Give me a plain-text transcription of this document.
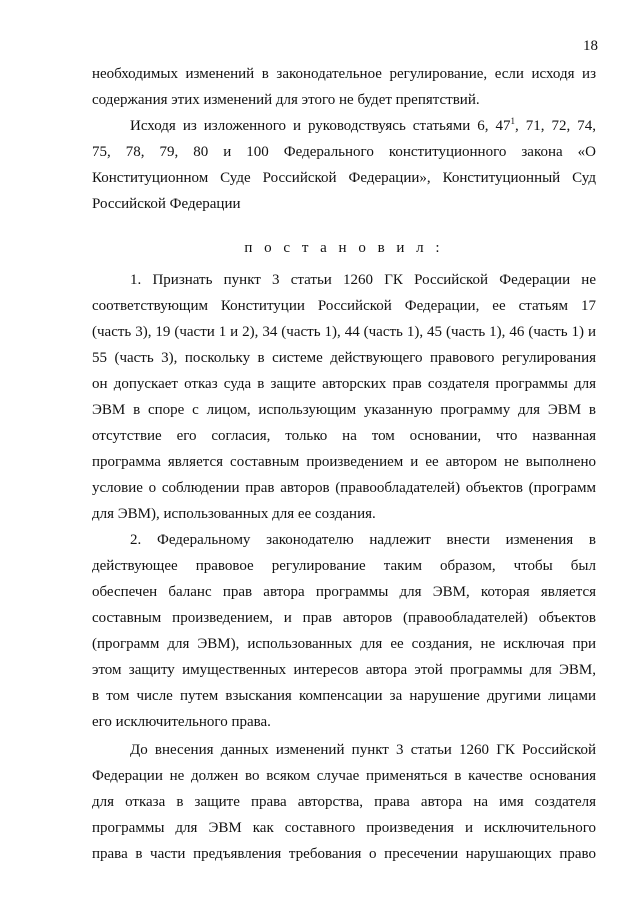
18
необходимых изменений в законодательное регулирование, если исходя из
содержания этих изменений для этого не будет препятствий.
Исходя из изложенного и руководствуясь статьями 6, $47^1$, 71, 72, 74,
75, 78, 79, 80 и 100 Федерального конституционного закона «О
Конституционном Суде Российской Федерации», Конституционный Суд
Российской Федерации
п о с т а н о в и л :
1. Признать пункт 3 статьи 1260 ГК Российской Федерации не
соответствующим Конституции Российской Федерации, ее статьям 17
(часть 3), 19 (части 1 и 2), 34 (часть 1), 44 (часть 1), 45 (часть 1), 46 (часть 1) и
55 (часть 3), поскольку в системе действующего правового регулирования
он допускает отказ суда в защите авторских прав создателя программы для
ЭВМ в споре с лицом, использующим указанную программу для ЭВМ в
отсутствие его согласия, только на том основании, что названная
программа является составным произведением и ее автором не выполнено
условие о соблюдении прав авторов (правообладателей) объектов (программ
для ЭВМ), использованных для ее создания.
2. Федеральному законодателю надлежит внести изменения в
действующее правовое регулирование таким образом, чтобы был
обеспечен баланс прав автора программы для ЭВМ, которая является
составным произведением, и прав авторов (правообладателей) объектов
(программ для ЭВМ), использованных для ее создания, не исключая при
этом защиту имущественных интересов автора этой программы для ЭВМ,
в том числе путем взыскания компенсации за нарушение другими лицами
его исключительного права.
До внесения данных изменений пункт 3 статьи 1260 ГК Российской
Федерации не должен во всяком случае применяться в качестве основания
для отказа в защите права авторства, права автора на имя создателя
программы для ЭВМ как составного произведения и исключительного
права в части предъявления требования о пресечении нарушающих право
